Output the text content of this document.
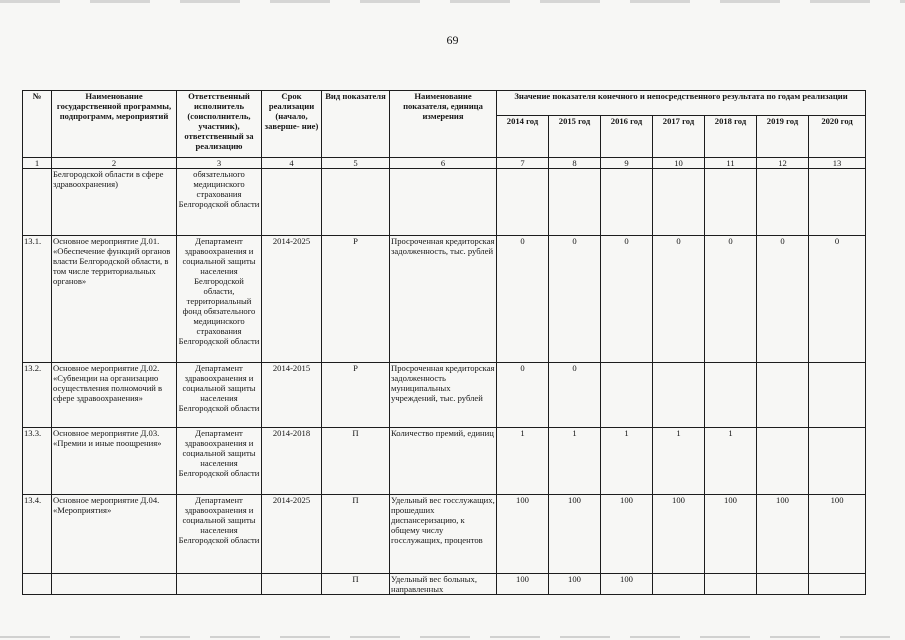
69
№	Наименование государственной программы, подпрограмм, мероприятий	Ответственный исполнитель (соисполнитель, участник), ответственный за реализацию	Срок реализации (начало, заверше- ние)	Вид показателя	Наименование показателя, единица измерения	Значение показателя конечного и непосредственного результата по годам реализации						
						2014 год	2015 год	2016 год	2017 год	2018 год	2019 год	2020 год
1	2	3	4	5	6	7	8	9	10	11	12	13
	Белгородской области в сфере здравоохранения)	обязательного медицинского страхования Белгородской области										
13.1.	Основное мероприятие Д.01. «Обеспечение функций органов власти Белгородской области, в том числе территориальных органов»	Департамент здравоохранения и социальной защиты населения Белгородской области, территориальный фонд обязательного медицинского страхования Белгородской области	2014-2025	Р	Просроченная кредиторская задолженность, тыс. рублей	0	0	0	0	0	0	0
13.2.	Основное мероприятие Д.02. «Субвенции на организацию осуществления полномочий в сфере здравоохранения»	Департамент здравоохранения и социальной защиты населения Белгородской области	2014-2015	Р	Просроченная кредиторская задолженность муниципальных учреждений, тыс. рублей	0	0					
13.3.	Основное мероприятие Д.03. «Премии и иные поощрения»	Департамент здравоохранения и социальной защиты населения Белгородской области	2014-2018	П	Количество премий, единиц	1	1	1	1	1		
13.4.	Основное мероприятие Д.04. «Мероприятия»	Департамент здравоохранения и социальной защиты населения Белгородской области	2014-2025	П	Удельный вес госслужащих, прошедших диспансеризацию, к общему числу госслужащих, процентов	100	100	100	100	100	100	100
				П	Удельный вес больных, направленных	100	100	100				
